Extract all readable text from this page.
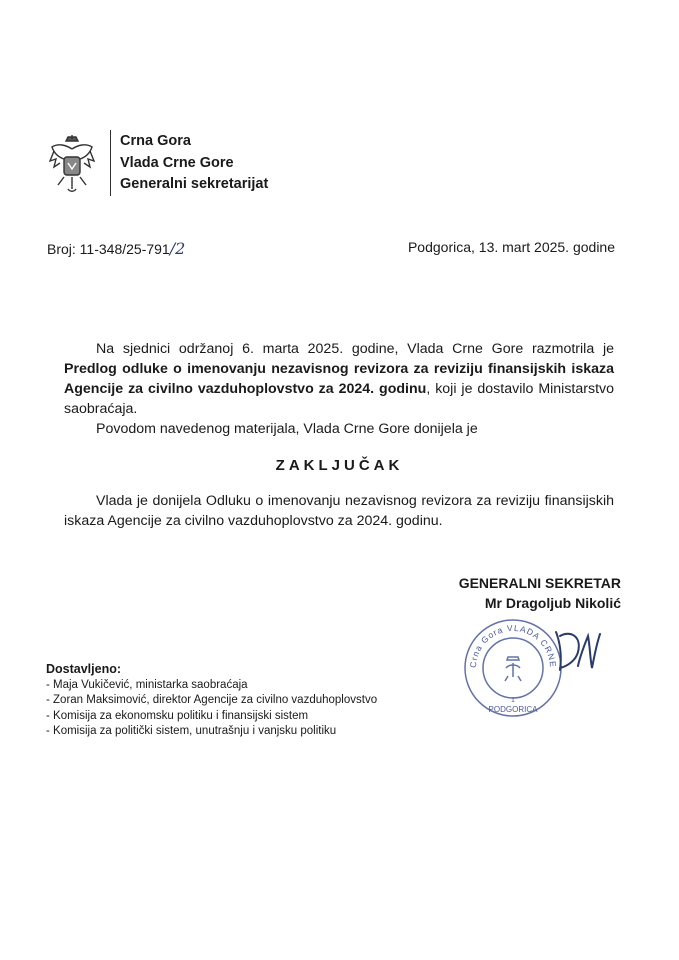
Crna Gora
Vlada Crne Gore
Generalni sekretarijat
Broj: 11-348/25-791/2	Podgorica, 13. mart 2025. godine
Na sjednici održanoj 6. marta 2025. godine, Vlada Crne Gore razmotrila je Predlog odluke o imenovanju nezavisnog revizora za reviziju finansijskih iskaza Agencije za civilno vazduhoplovstvo za 2024. godinu, koji je dostavilo Ministarstvo saobraćaja.
Povodom navedenog materijala, Vlada Crne Gore donijela je
ZAKLJUČAK
Vlada je donijela Odluku o imenovanju nezavisnog revizora za reviziju finansijskih iskaza Agencije za civilno vazduhoplovstvo za 2024. godinu.
GENERALNI SEKRETAR
Mr Dragoljub Nikolić
Crna Gora VLADA CRNE
1
PODGORICA
Dostavljeno:
- Maja Vukičević, ministarka saobraćaja
- Zoran Maksimović, direktor Agencije za civilno vazduhoplovstvo
- Komisija za ekonomsku politiku i finansijski sistem
- Komisija za politički sistem, unutrašnju i vanjsku politiku
